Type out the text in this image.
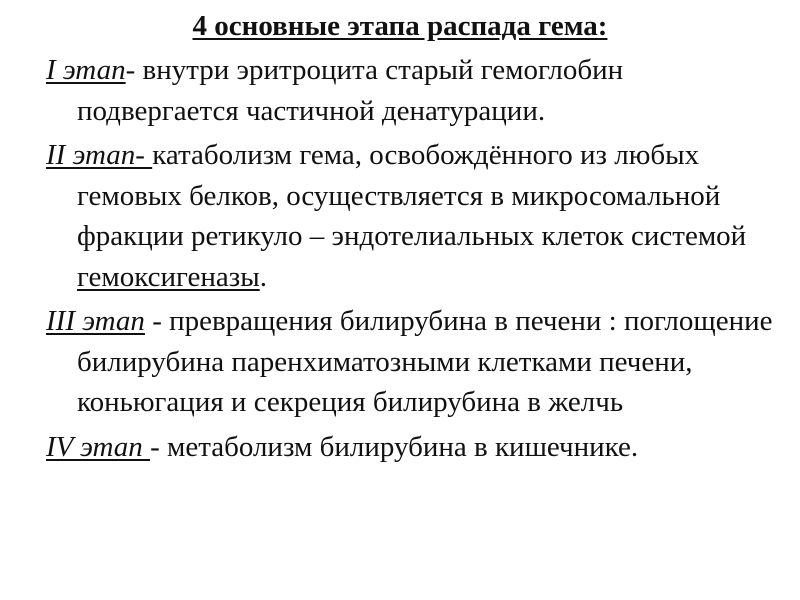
4 основные этапа распада гема:
I этап- внутри эритроцита старый гемоглобин подвергается частичной денатурации.
II этап- катаболизм гема, освобождённого из любых гемовых белков, осуществляется в микросомальной фракции ретикуло – эндотелиальных клеток системой гемоксигеназы.
III этап - превращения билирубина в печени : поглощение билирубина паренхиматозными клетками печени, коньюгация и секреция билирубина в желчь
IV этап - метаболизм билирубина в кишечнике.
